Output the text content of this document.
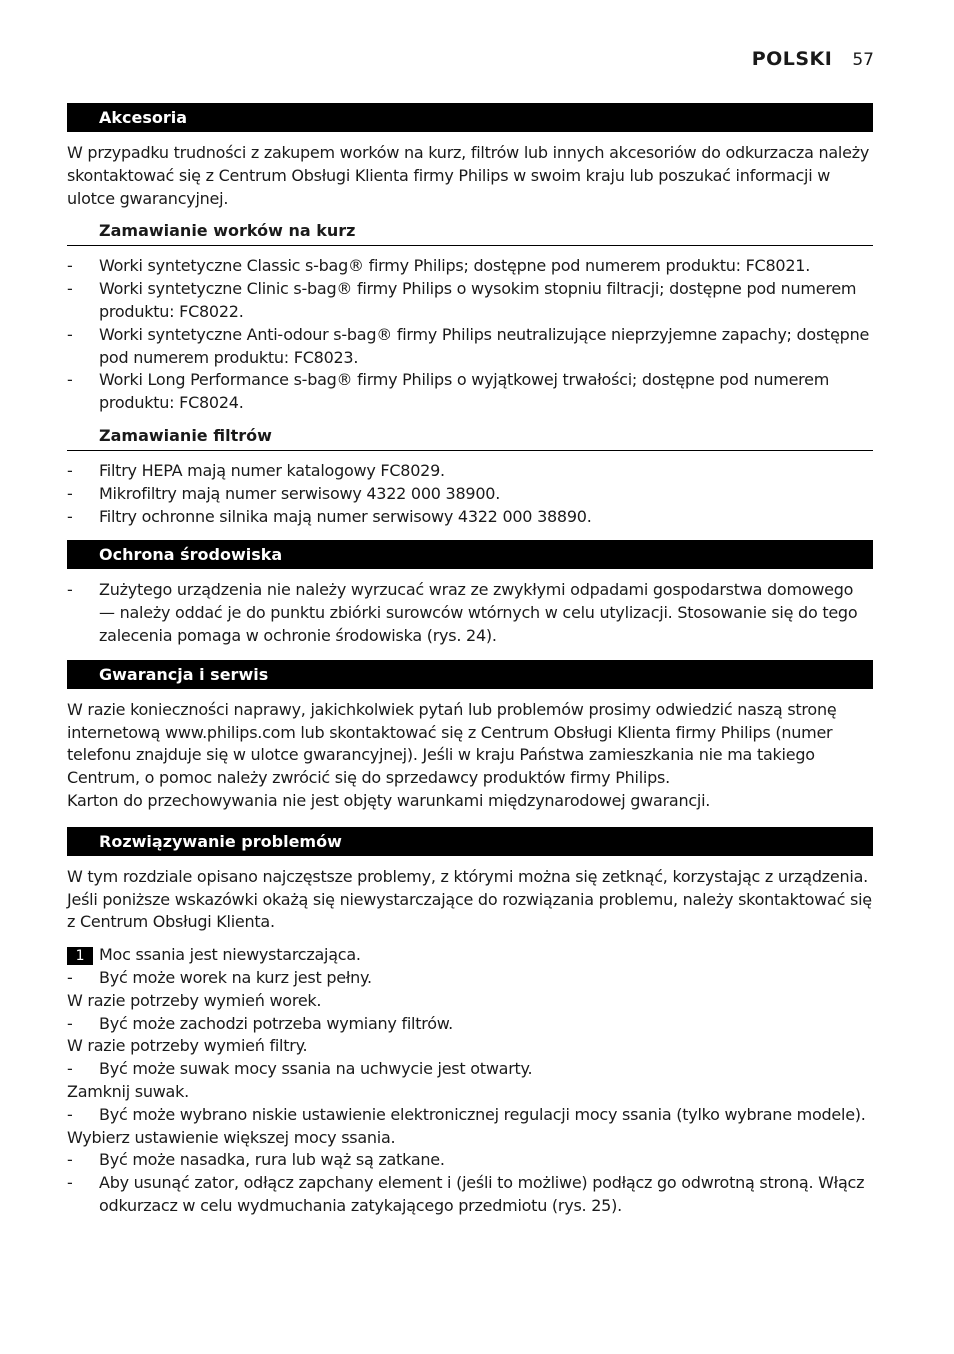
POLSKI 57
Akcesoria

W przypadku trudności z zakupem worków na kurz, filtrów lub innych akcesoriów do odkurzacza należy skontaktować się z Centrum Obsługi Klienta firmy Philips w swoim kraju lub poszukać informacji w ulotce gwarancyjnej.

Zamawianie worków na kurz
- Worki syntetyczne Classic s-bag® firmy Philips; dostępne pod numerem produktu: FC8021.
- Worki syntetyczne Clinic s-bag® firmy Philips o wysokim stopniu filtracji; dostępne pod numerem produktu: FC8022.
- Worki syntetyczne Anti-odour s-bag® firmy Philips neutralizujące nieprzyjemne zapachy; dostępne pod numerem produktu: FC8023.
- Worki Long Performance s-bag® firmy Philips o wyjątkowej trwałości; dostępne pod numerem produktu: FC8024.
Zamawianie filtrów
- Filtry HEPA mają numer katalogowy FC8029.
- Mikrofiltry mają numer serwisowy 4322 000 38900.
- Filtry ochronne silnika mają numer serwisowy 4322 000 38890.
Ochrona środowiska
- Zużytego urządzenia nie należy wyrzucać wraz ze zwykłymi odpadami gospodarstwa domowego — należy oddać je do punktu zbiórki surowców wtórnych w celu utylizacji. Stosowanie się do tego zalecenia pomaga w ochronie środowiska (rys. 24).
Gwarancja i serwis

W razie konieczności naprawy, jakichkolwiek pytań lub problemów prosimy odwiedzić naszą stronę internetową www.philips.com lub skontaktować się z Centrum Obsługi Klienta firmy Philips (numer telefonu znajduje się w ulotce gwarancyjnej). Jeśli w kraju Państwa zamieszkania nie ma takiego Centrum, o pomoc należy zwrócić się do sprzedawcy produktów firmy Philips.

Karton do przechowywania nie jest objęty warunkami międzynarodowej gwarancji.

Rozwiązywanie problemów

W tym rozdziale opisano najczęstsze problemy, z którymi można się zetknąć, korzystając z urządzenia. Jeśli poniższe wskazówki okażą się niewystarczające do rozwiązania problemu, należy skontaktować się z Centrum Obsługi Klienta.

1 Moc ssania jest niewystarczająca.
- Być może worek na kurz jest pełny.
W razie potrzeby wymień worek.
- Być może zachodzi potrzeba wymiany filtrów.
W razie potrzeby wymień filtry.
- Być może suwak mocy ssania na uchwycie jest otwarty.
Zamknij suwak.
- Być może wybrano niskie ustawienie elektronicznej regulacji mocy ssania (tylko wybrane modele).
Wybierz ustawienie większej mocy ssania.
- Być może nasadka, rura lub wąż są zatkane.
- Aby usunąć zator, odłącz zapchany element i (jeśli to możliwe) podłącz go odwrotną stroną. Włącz odkurzacz w celu wydmuchania zatykającego przedmiotu (rys. 25).
